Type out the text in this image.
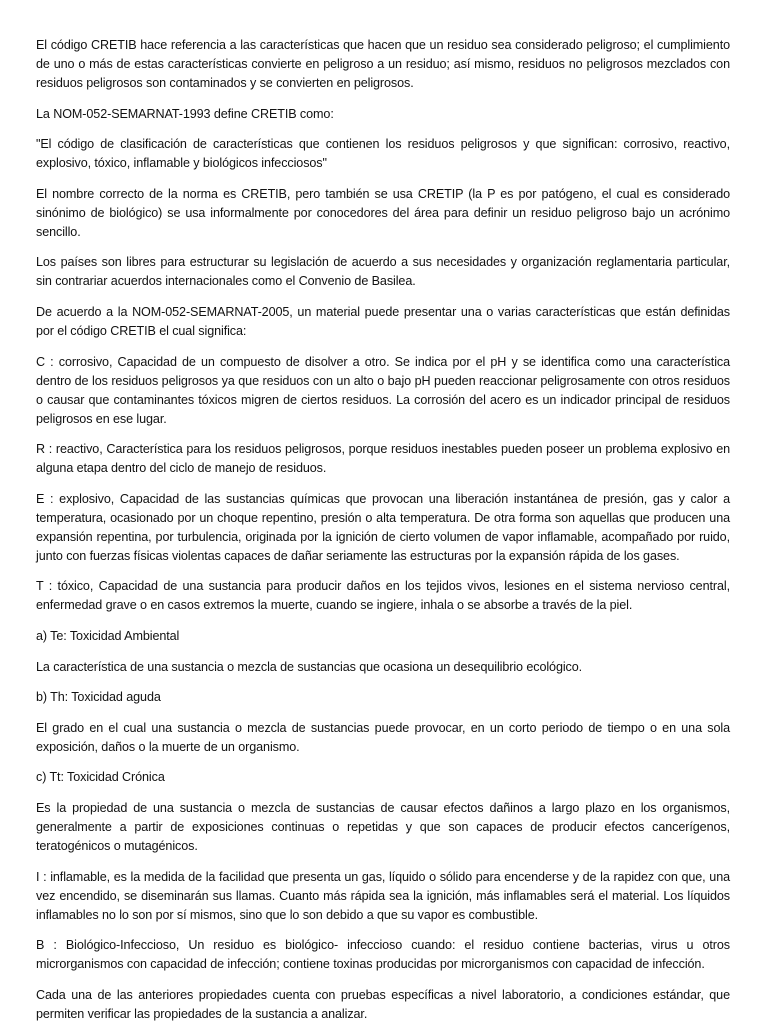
El código CRETIB hace referencia a las características que hacen que un residuo sea considerado peligroso; el cumplimiento de uno o más de estas características convierte en peligroso a un residuo; así mismo, residuos no peligrosos mezclados con residuos peligrosos son contaminados y se convierten en peligrosos.

La NOM-052-SEMARNAT-1993 define CRETIB como:

"El código de clasificación de características que contienen los residuos peligrosos y que significan: corrosivo, reactivo, explosivo, tóxico, inflamable y biológicos infecciosos"

El nombre correcto de la norma es CRETIB, pero también se usa CRETIP (la P es por patógeno, el cual es considerado sinónimo de biológico) se usa informalmente por conocedores del área para definir un residuo peligroso bajo un acrónimo sencillo.

Los países son libres para estructurar su legislación de acuerdo a sus necesidades y organización reglamentaria particular, sin contrariar acuerdos internacionales como el Convenio de Basilea.

De acuerdo a la NOM-052-SEMARNAT-2005, un material puede presentar una o varias características que están definidas por el código CRETIB el cual significa:

C : corrosivo, Capacidad de un compuesto de disolver a otro. Se indica por el pH y se identifica como una característica dentro de los residuos peligrosos ya que residuos con un alto o bajo pH pueden reaccionar peligrosamente con otros residuos o causar que contaminantes tóxicos migren de ciertos residuos. La corrosión del acero es un indicador principal de residuos peligrosos en ese lugar.

R : reactivo, Característica para los residuos peligrosos, porque residuos inestables pueden poseer un problema explosivo en alguna etapa dentro del ciclo de manejo de residuos.

E : explosivo, Capacidad de las sustancias químicas que provocan una liberación instantánea de presión, gas y calor a temperatura, ocasionado por un choque repentino, presión o alta temperatura. De otra forma son aquellas que producen una expansión repentina, por turbulencia, originada por la ignición de cierto volumen de vapor inflamable, acompañado por ruido, junto con fuerzas físicas violentas capaces de dañar seriamente las estructuras por la expansión rápida de los gases.

T : tóxico, Capacidad de una sustancia para producir daños en los tejidos vivos, lesiones en el sistema nervioso central, enfermedad grave o en casos extremos la muerte, cuando se ingiere, inhala o se absorbe a través de la piel.

a) Te: Toxicidad Ambiental

La característica de una sustancia o mezcla de sustancias que ocasiona un desequilibrio ecológico.

b) Th: Toxicidad aguda

El grado en el cual una sustancia o mezcla de sustancias puede provocar, en un corto periodo de tiempo o en una sola exposición, daños o la muerte de un organismo.

c) Tt: Toxicidad Crónica

Es la propiedad de una sustancia o mezcla de sustancias de causar efectos dañinos a largo plazo en los organismos, generalmente a partir de exposiciones continuas o repetidas y que son capaces de producir efectos cancerígenos, teratogénicos o mutagénicos.

I : inflamable, es la medida de la facilidad que presenta un gas, líquido o sólido para encenderse y de la rapidez con que, una vez encendido, se diseminarán sus llamas. Cuanto más rápida sea la ignición, más inflamables será el material. Los líquidos inflamables no lo son por sí mismos, sino que lo son debido a que su vapor es combustible.

B : Biológico-Infeccioso, Un residuo es biológico- infeccioso cuando: el residuo contiene bacterias, virus u otros microrganismos con capacidad de infección; contiene toxinas producidas por microrganismos con capacidad de infección.

Cada una de las anteriores propiedades cuenta con pruebas específicas a nivel laboratorio, a condiciones estándar, que permiten verificar las propiedades de la sustancia a analizar.
